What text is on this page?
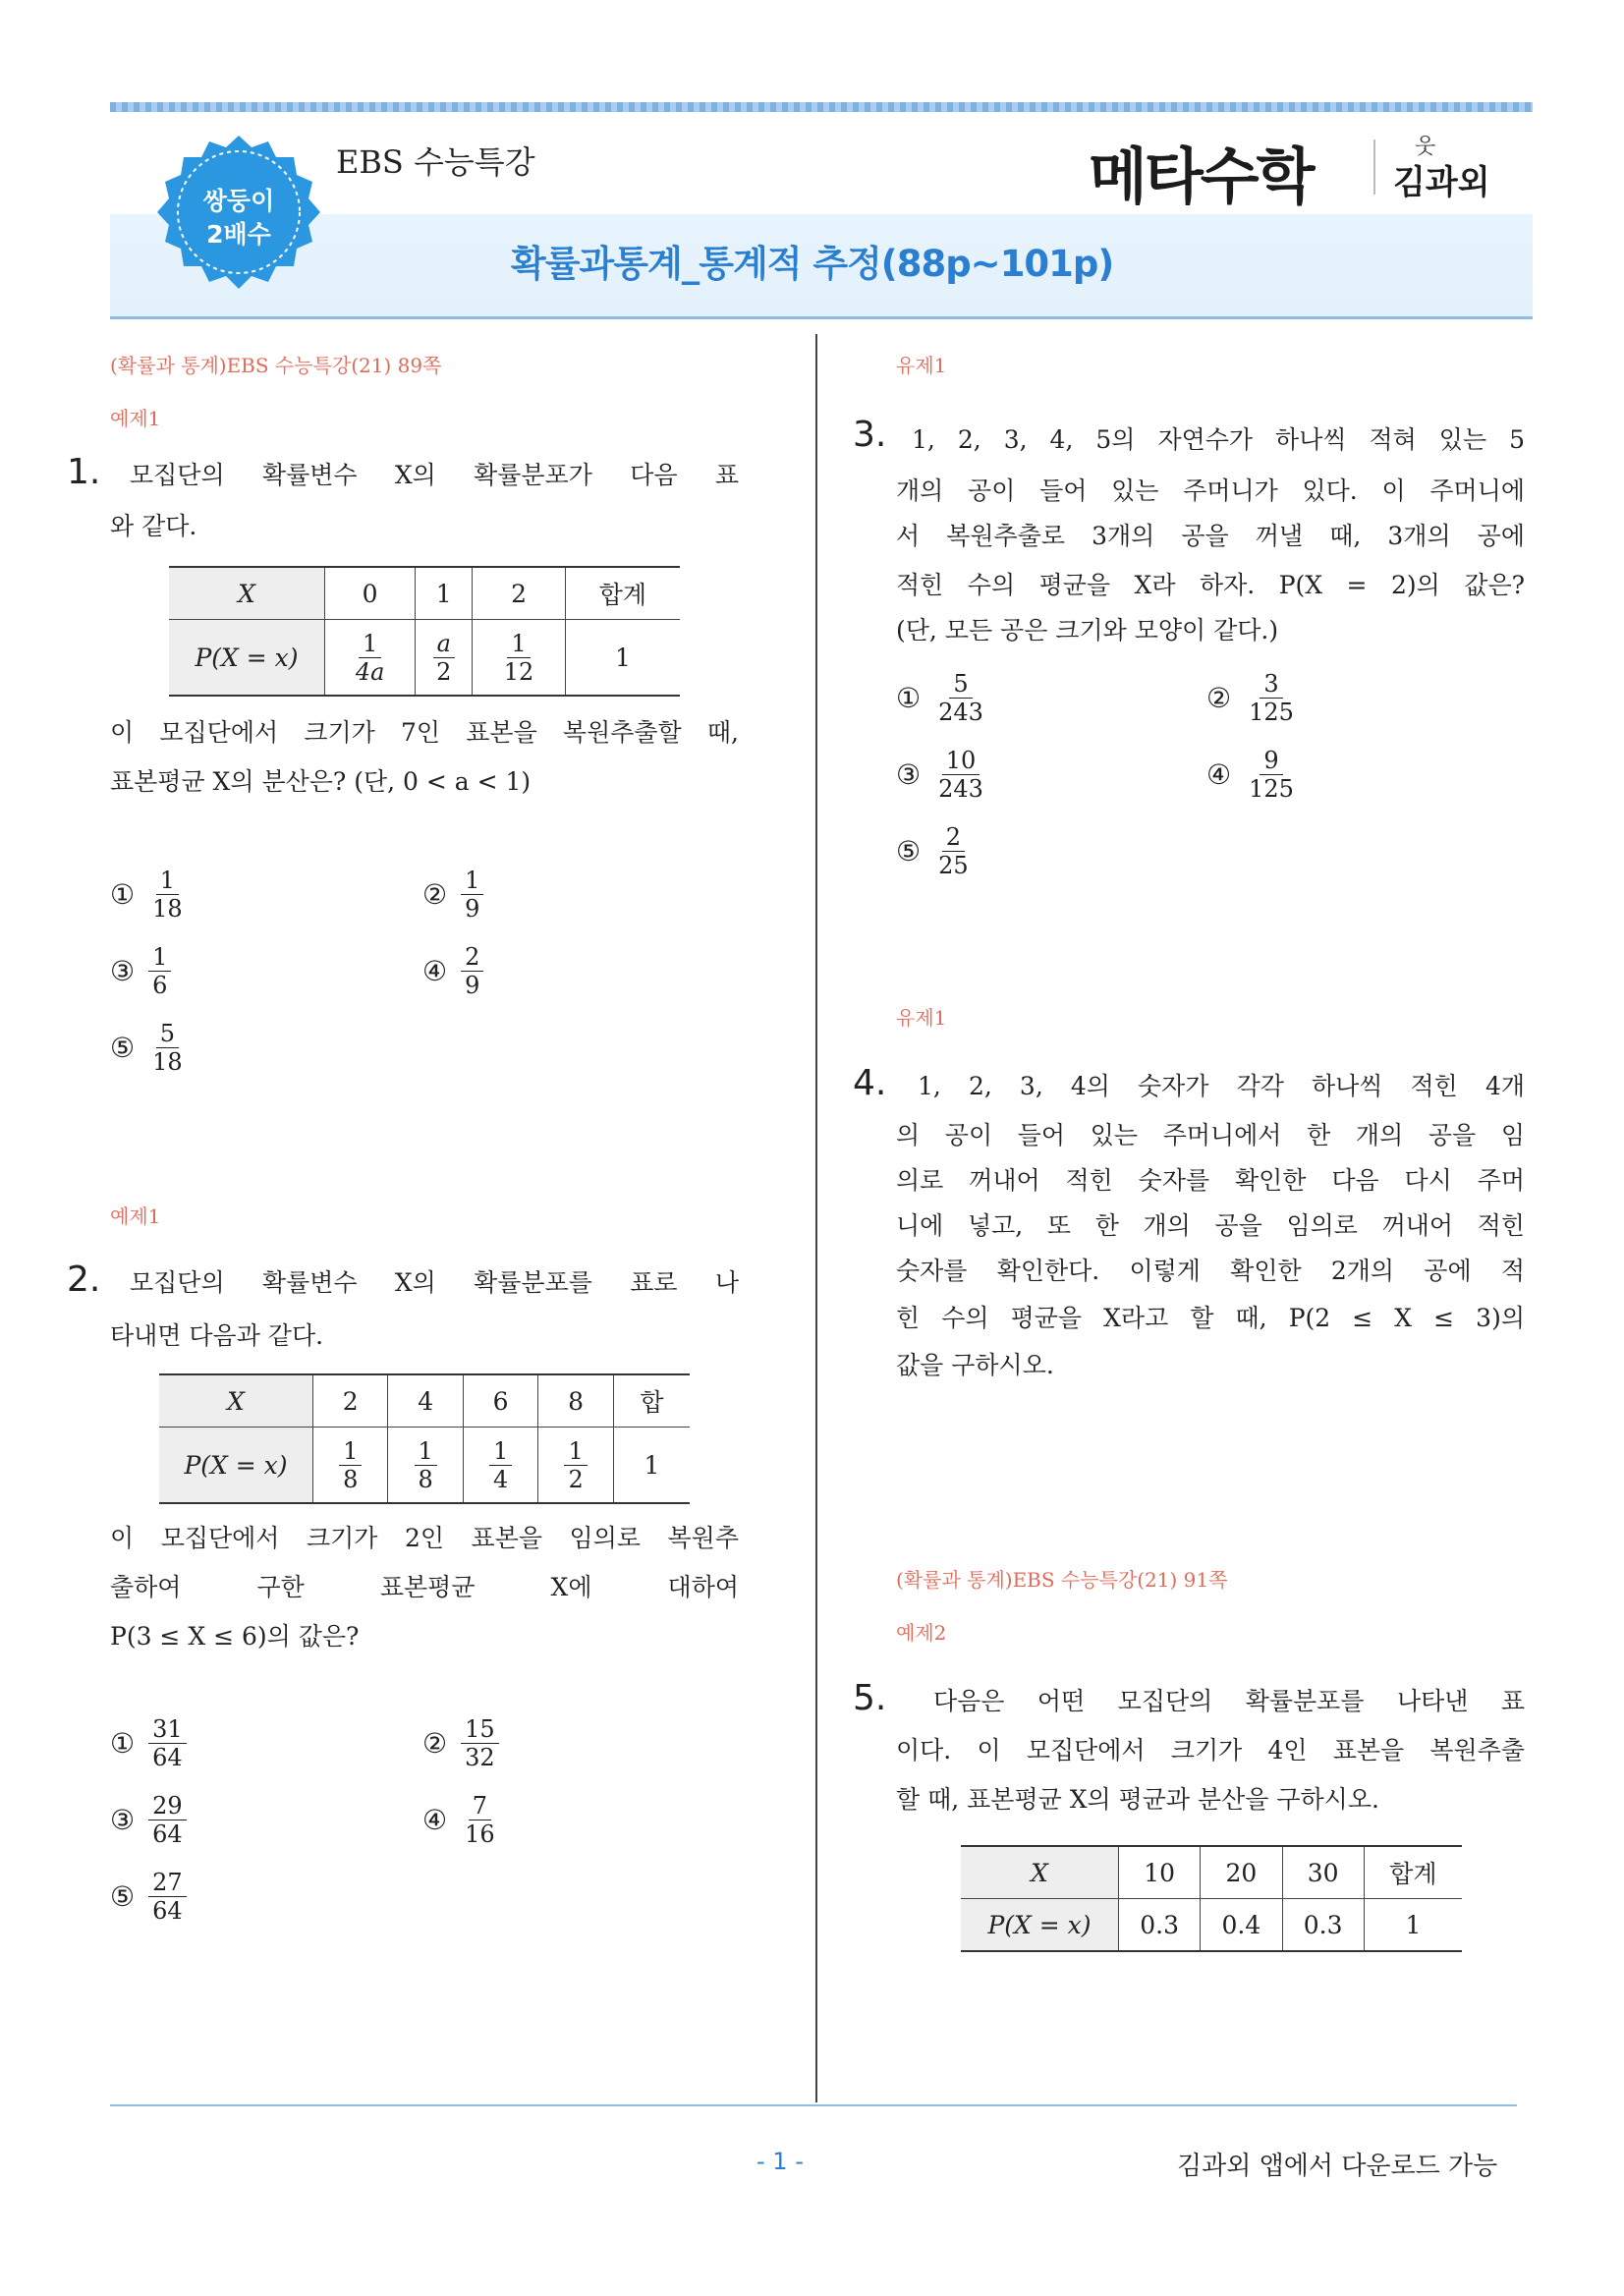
쌍둥이
2배수
EBS 수능특강
확률과통계_통계적 추정(88p~101p)
메타수학	웃
김과외
(확률과 통계)EBS 수능특강(21) 89쪽
예제1
1. 모집단의 확률변수 X의 확률분포가 다음 표
와 같다.
X	0	1	2	합계
P(X = x)	$\frac{1}{4a}$	$\frac{a}{2}$	$\frac{1}{12}$	1
이 모집단에서 크기가 7인 표본을 복원추출할 때,
표본평균 X의 분산은? (단, 0 < a < 1)
① $\frac{1}{18}$	② $\frac{1}{9}$
③ $\frac{1}{6}$	④ $\frac{2}{9}$
⑤ $\frac{5}{18}$
예제1
2. 모집단의 확률변수 X의 확률분포를 표로 나
타내면 다음과 같다.
X	2	4	6	8	합
P(X = x)	$\frac{1}{8}$	$\frac{1}{8}$	$\frac{1}{4}$	$\frac{1}{2}$	1
이 모집단에서 크기가 2인 표본을 임의로 복원추
출하여 구한 표본평균 X에 대하여
P(3 ≤ X ≤ 6)의 값은?
① $\frac{31}{64}$	② $\frac{15}{32}$
③ $\frac{29}{64}$	④ $\frac{7}{16}$
⑤ $\frac{27}{64}$
유제1
3. 1, 2, 3, 4, 5의 자연수가 하나씩 적혀 있는 5
개의 공이 들어 있는 주머니가 있다. 이 주머니에
서 복원추출로 3개의 공을 꺼낼 때, 3개의 공에
적힌 수의 평균을 X라 하자. P(X = 2)의 값은?
(단, 모든 공은 크기와 모양이 같다.)
① $\frac{5}{243}$	② $\frac{3}{125}$
③ $\frac{10}{243}$	④ $\frac{9}{125}$
⑤ $\frac{2}{25}$
유제1
4. 1, 2, 3, 4의 숫자가 각각 하나씩 적힌 4개
의 공이 들어 있는 주머니에서 한 개의 공을 임
의로 꺼내어 적힌 숫자를 확인한 다음 다시 주머
니에 넣고, 또 한 개의 공을 임의로 꺼내어 적힌
숫자를 확인한다. 이렇게 확인한 2개의 공에 적
힌 수의 평균을 X라고 할 때, P(2 ≤ X ≤ 3)의
값을 구하시오.
(확률과 통계)EBS 수능특강(21) 91쪽
예제2
5. 다음은 어떤 모집단의 확률분포를 나타낸 표
이다. 이 모집단에서 크기가 4인 표본을 복원추출
할 때, 표본평균 X의 평균과 분산을 구하시오.
X	10	20	30	합계
P(X = x)	0.3	0.4	0.3	1
- 1 -	김과외 앱에서 다운로드 가능
